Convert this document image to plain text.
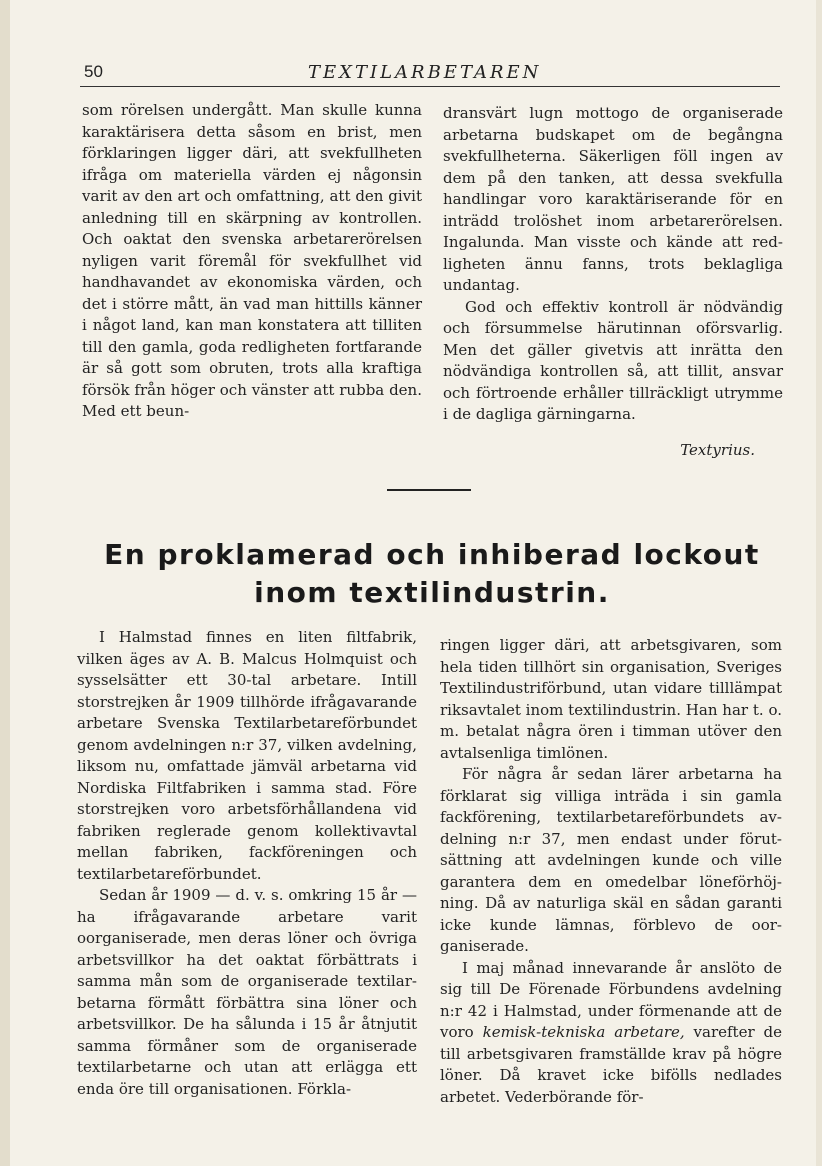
50	TEXTILARBETAREN

som rörelsen undergått. Man skulle kunna karaktärisera detta såsom en brist, men förklaringen ligger däri, att svekfullheten ifråga om materiella värden ej någonsin varit av den art och omfattning, att den givit anledning till en skärpning av kontrollen. Och oaktat den svenska arbetarerörelsen nyligen varit föremål för svekfullhet vid handhavandet av ekonomiska värden, och det i större mått, än vad man hittills känner i något land, kan man konstatera att tilliten till den gamla, goda redligheten fortfarande är så gott som obruten, trots alla kraftiga försök från höger och vänster att rubba den. Med ett beun-

dransvärt lugn mottogo de organiserade arbetarna budskapet om de begångna svekfullheterna. Säkerligen föll ingen av dem på den tanken, att dessa svekfulla handlingar voro karaktäriserande för en inträdd trolöshet inom arbetarerörelsen. Ingalunda. Man visste och kände att redligheten ännu fanns, trots beklagliga undantag.

God och effektiv kontroll är nödvändig och försummelse härutinnan oförsvarlig. Men det gäller givetvis att inrätta den nödvändiga kontrollen så, att tillit, ansvar och förtroende erhåller tillräckligt utrymme i de dagliga gärningarna.

Textyrius.
En proklamerad och inhiberad lockout
inom textilindustrin.

I Halmstad finnes en liten filtfabrik, vilken äges av A. B. Malcus Holmquist och sysselsätter ett 30-tal arbetare. Intill storstrejken år 1909 tillhörde ifrågavarande arbetare Svenska Textilarbetareförbundet genom avdelningen n:r 37, vilken avdelning, liksom nu, omfattade jämväl arbetarna vid Nordiska Filtfabriken i samma stad. Före storstrejken voro arbetsförhållandena vid fabriken reglerade genom kollektivavtal mellan fabriken, fackföreningen och textilarbetareförbundet.

Sedan år 1909 — d. v. s. omkring 15 år — ha ifrågavarande arbetare varit oorganiserade, men deras löner och övriga arbetsvillkor ha det oaktat förbättrats i samma mån som de organiserade textilarbetarna förmått förbättra sina löner och arbetsvillkor. De ha sålunda i 15 år åtnjutit samma förmåner som de organiserade textilarbetarne och utan att erlägga ett enda öre till organisationen. Förkla-

ringen ligger däri, att arbetsgivaren, som hela tiden tillhört sin organisation, Sveriges Textilindustriförbund, utan vidare tilllämpat riksavtalet inom textilindustrin. Han har t. o. m. betalat några ören i timman utöver den avtalsenliga timlönen.

För några år sedan lärer arbetarna ha förklarat sig villiga inträda i sin gamla fackförening, textilarbetareförbundets avdelning n:r 37, men endast under förutsättning att avdelningen kunde och ville garantera dem en omedelbar löneförhöjning. Då av naturliga skäl en sådan garanti icke kunde lämnas, förblevo de oorganiserade.

I maj månad innevarande år anslöto de sig till De Förenade Förbundens avdelning n:r 42 i Halmstad, under förmenande att de voro kemisk-tekniska arbetare, varefter de till arbetsgivaren framställde krav på högre löner. Då kravet icke bifölls nedlades arbetet. Vederbörande för-
